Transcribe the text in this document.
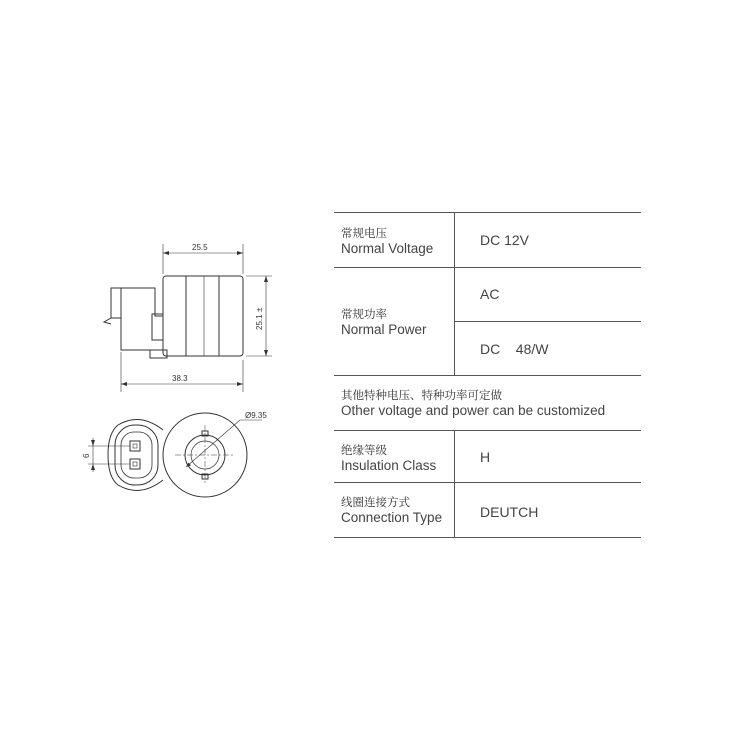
25.5
25.1
±
38.3
Ø9.35
6
常规电压
Normal Voltage
DC 12V
常规功率
Normal Power
AC
DC    48/W
其他特种电压、特种功率可定做
Other voltage and power can be customized
绝缘等级
Insulation Class
H
线圈连接方式
Connection Type	DEUTCH
